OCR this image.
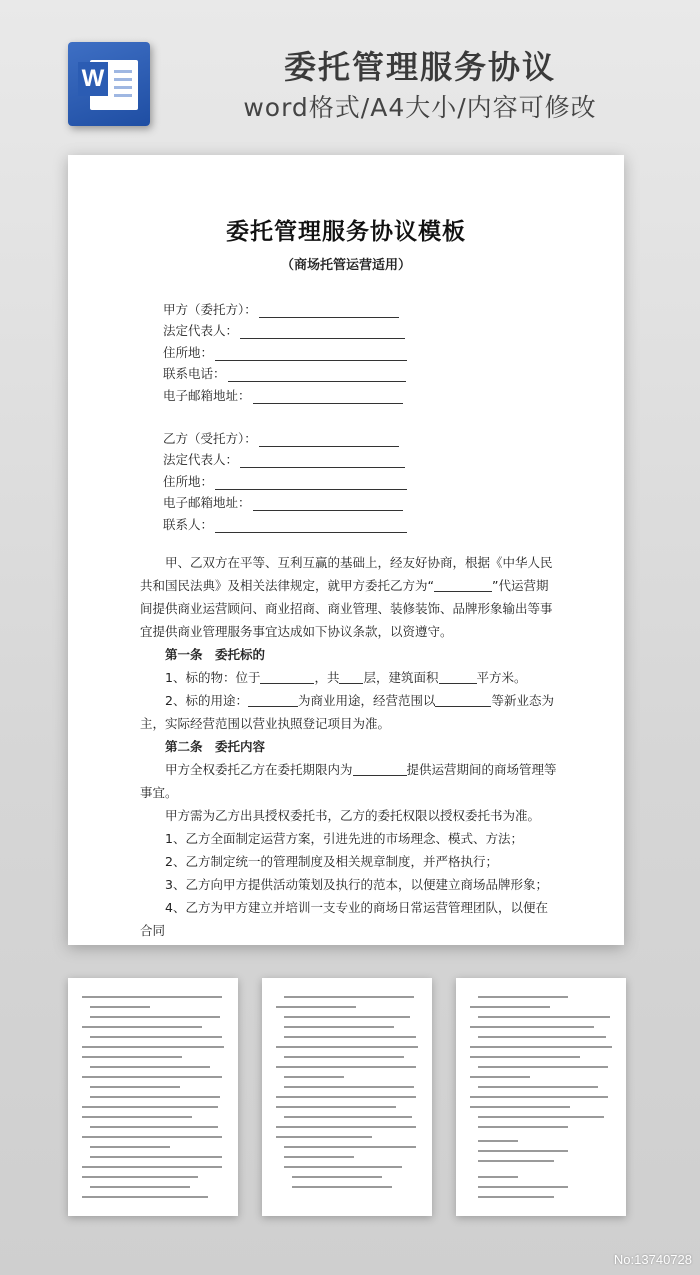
W	委托管理服务协议
word格式/A4大小/内容可修改
委托管理服务协议模板
（商场托管运营适用）
甲方（委托方）：
法定代表人：
住所地：
联系电话：
电子邮箱地址：
乙方（受托方）：
法定代表人：
住所地：
电子邮箱地址：
联系人：

甲、乙双方在平等、互利互赢的基础上，经友好协商，根据《中华人民共和国民法典》及相关法律规定，就甲方委托乙方为“	”代运营期间提供商业运营顾问、商业招商、商业管理、装修装饰、品牌形象输出等事宜提供商业管理服务事宜达成如下协议条款，以资遵守。

第一条　委托标的

1、标的物：位于	，共 层，建筑面积	平方米。

2、标的用途：	为商业用途，经营范围以	等新业态为主，实际经营范围以营业执照登记项目为准。

第二条　委托内容

甲方全权委托乙方在委托期限内为	提供运营期间的商场管理等事宜。

甲方需为乙方出具授权委托书，乙方的委托权限以授权委托书为准。

1、乙方全面制定运营方案，引进先进的市场理念、模式、方法；

2、乙方制定统一的管理制度及相关规章制度，并严格执行；

3、乙方向甲方提供活动策划及执行的范本，以便建立商场品牌形象；

4、乙方为甲方建立并培训一支专业的商场日常运营管理团队，以便在合同

No:13740728
